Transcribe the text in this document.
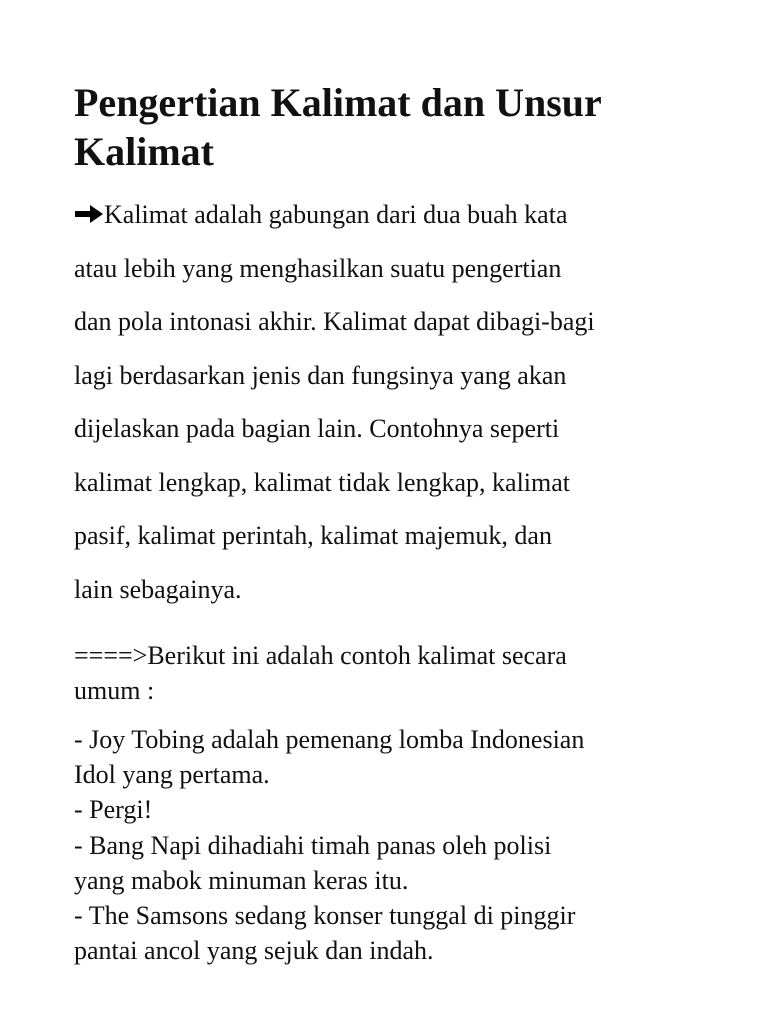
Pengertian Kalimat dan Unsur
Kalimat

Kalimat adalah gabungan dari dua buah kata
atau lebih yang menghasilkan suatu pengertian
dan pola intonasi akhir. Kalimat dapat dibagi-bagi
lagi berdasarkan jenis dan fungsinya yang akan
dijelaskan pada bagian lain. Contohnya seperti
kalimat lengkap, kalimat tidak lengkap, kalimat
pasif, kalimat perintah, kalimat majemuk, dan
lain sebagainya.

====>Berikut ini adalah contoh kalimat secara
umum :

- Joy Tobing adalah pemenang lomba Indonesian
Idol yang pertama.
- Pergi!
- Bang Napi dihadiahi timah panas oleh polisi
yang mabok minuman keras itu.
- The Samsons sedang konser tunggal di pinggir
pantai ancol yang sejuk dan indah.
